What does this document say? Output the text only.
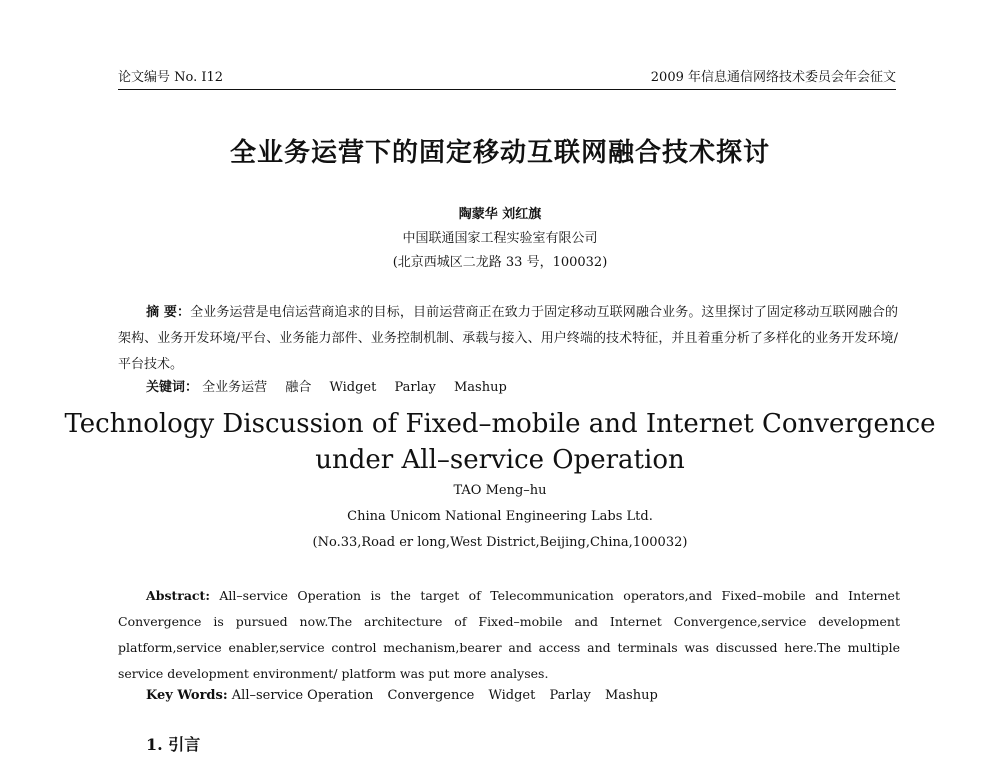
论文编号 No. I12	2009 年信息通信网络技术委员会年会征文
全业务运营下的固定移动互联网融合技术探讨
陶蒙华 刘红旗
中国联通国家工程实验室有限公司
(北京西城区二龙路 33 号，100032)
摘 要：全业务运营是电信运营商追求的目标，目前运营商正在致力于固定移动互联网融合业务。这里探讨了固定移动互联网融合的架构、业务开发环境/平台、业务能力部件、业务控制机制、承载与接入、用户终端的技术特征，并且着重分析了多样化的业务开发环境/平台技术。
关键词： 全业务运营 融合 Widget Parlay Mashup
Technology Discussion of Fixed–mobile and Internet Convergence
under All–service Operation
TAO Meng–hu
China Unicom National Engineering Labs Ltd.
(No.33,Road er long,West District,Beijing,China,100032)
Abstract: All–service Operation is the target of Telecommunication operators,and Fixed–mobile and Internet Convergence is pursued now.The architecture of Fixed–mobile and Internet Convergence,service development platform,service enabler,service control mechanism,bearer and access and terminals was discussed here.The multiple service development environment/ platform was put more analyses.
Key Words: All–service Operation Convergence Widget Parlay Mashup
1. 引言
